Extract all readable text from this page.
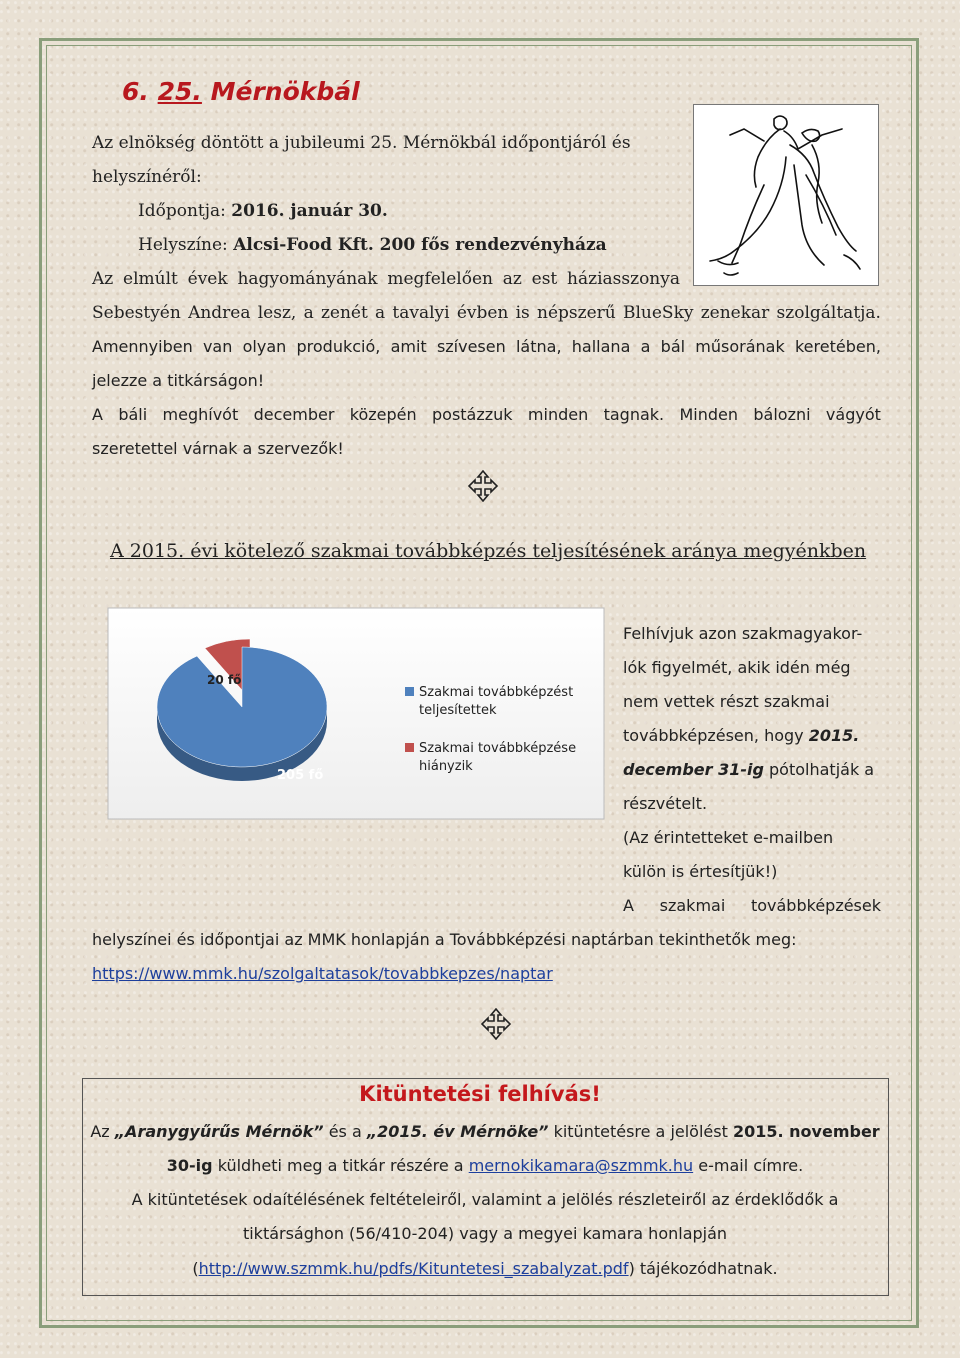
6. 25. Mérnökbál
Az elnökség döntött a jubileumi 25. Mérnökbál időpontjáról és
helyszínéről:
Időpontja: 2016. január 30.
Helyszíne: Alcsi-Food Kft. 200 fős rendezvényháza
Az elmúlt évek hagyományának megfelelően az est háziasszonya
Sebestyén Andrea lesz, a zenét a tavalyi évben is népszerű BlueSky zenekar szolgáltatja.
Amennyiben van olyan produkció, amit szívesen látna, hallana a bál műsorának keretében,
jelezze a titkárságon!
A báli meghívót december közepén postázzuk minden tagnak. Minden bálozni vágyót
szeretettel várnak a szervezők!
A 2015. évi kötelező szakmai továbbképzés teljesítésének aránya megyénkben
205 fő
20 fő
Szakmai továbbképzést teljesítettek
Szakmai továbbképzése hiányzik
Felhívjuk azon szakmagyakor-
lók figyelmét, akik idén még
nem vettek részt szakmai
továbbképzésen, hogy 2015.
december 31-ig pótolhatják a
részvételt.
(Az érintetteket e-mailben
külön is értesítjük!)
A szakmai továbbképzések
helyszínei és időpontjai az MMK honlapján a Továbbképzési naptárban tekinthetők meg:
https://www.mmk.hu/szolgaltatasok/tovabbkepzes/naptar
Kitüntetési felhívás!
Az „Aranygyűrűs Mérnök” és a „2015. év Mérnöke” kitüntetésre a jelölést 2015. november
30-ig küldheti meg a titkár részére a mernokikamara@szmmk.hu e-mail címre.
A kitüntetések odaítélésének feltételeiről, valamint a jelölés részleteiről az érdeklődők a
tiktársághon (56/410-204) vagy a megyei kamara honlapján
(http://www.szmmk.hu/pdfs/Kituntetesi_szabalyzat.pdf) tájékozódhatnak.
